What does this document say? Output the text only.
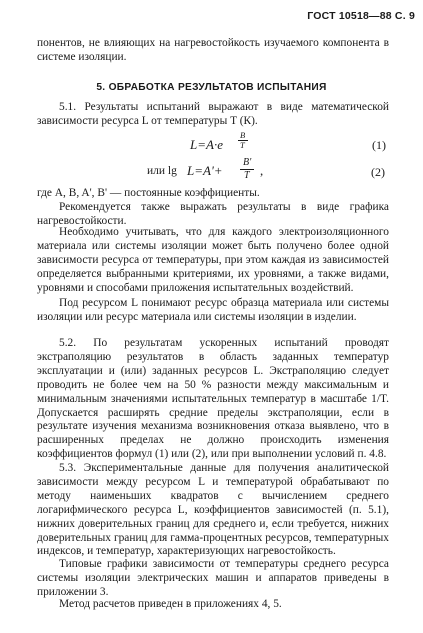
ГОСТ 10518—88 С. 9

понентов, не влияющих на нагревостойкость изучаемого компонента в системе изоляции.

5. ОБРАБОТКА РЕЗУЛЬТАТОВ ИСПЫТАНИЯ

5.1. Результаты испытаний выражают в виде математической зависимости ресурса L от температуры T (К).

L=A·e
B
T	(1)
или lg L=A'+
B'
T ,	(2)

где A, B, A', B' — постоянные коэффициенты.

Рекомендуется также выражать результаты в виде графика нагревостойкости.

Необходимо учитывать, что для каждого электроизоляционного материала или системы изоляции может быть получено более одной зависимости ресурса от температуры, при этом каждая из зависимостей определяется выбранными критериями, их уровнями, а также видами, уровнями и способами приложения испытательных воздействий.

Под ресурсом L понимают ресурс образца материала или системы изоляции или ресурс материала или системы изоляции в изделии.

5.2. По результатам ускоренных испытаний проводят экстраполяцию результатов в область заданных температур эксплуатации и (или) заданных ресурсов L. Экстраполяцию следует проводить не более чем на 50 % разности между максимальным и минимальным значениями испытательных температур в масштабе 1/T. Допускается расширять средние пределы экстраполяции, если в результате изучения механизма возникновения отказа выявлено, что в расширенных пределах не должно происходить изменения коэффициентов формул (1) или (2), или при выполнении условий п. 4.8.

5.3. Экспериментальные данные для получения аналитической зависимости между ресурсом L и температурой обрабатывают по методу наименьших квадратов с вычислением среднего логарифмического ресурса L, коэффициентов зависимостей (п. 5.1), нижних доверительных границ для среднего и, если требуется, нижних доверительных границ для гамма-процентных ресурсов, температурных индексов, и температур, характеризующих нагревостойкость.

Типовые графики зависимости от температуры среднего ресурса системы изоляции электрических машин и аппаратов приведены в приложении 3.

Метод расчетов приведен в приложениях 4, 5.
